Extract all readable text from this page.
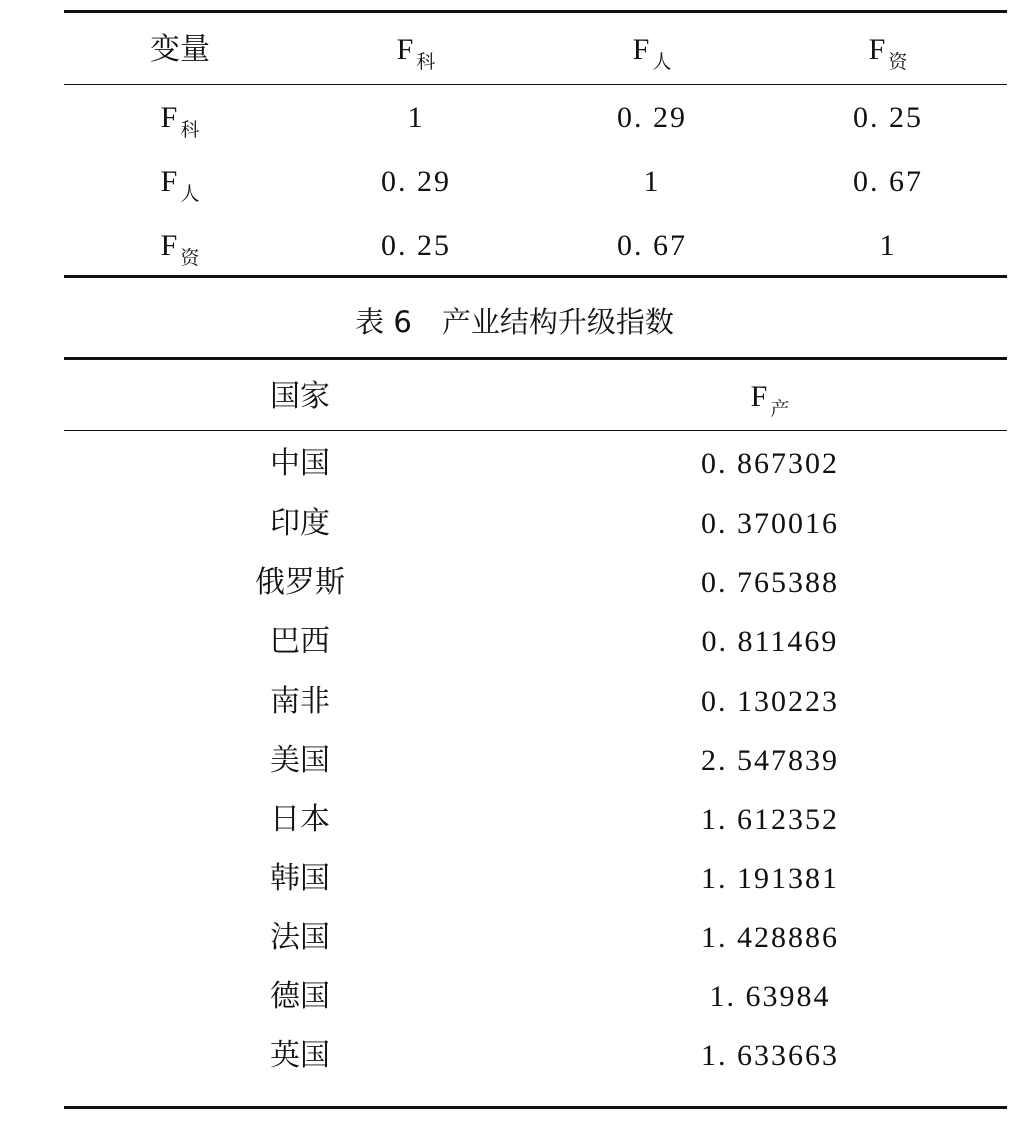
变量	F $_科$	F $_人$	F $_资$
F $_科$	1	0. 29	0. 25
F $_人$	0. 29	1	0. 67
F $_资$	0. 25	0. 67	1
表 6 产业结构升级指数
国家	F $_产$
中国	0. 867302
印度	0. 370016
俄罗斯	0. 765388
巴西	0. 811469
南非	0. 130223
美国	2. 547839
日本	1. 612352
韩国	1. 191381
法国	1. 428886
德国	1. 63984
英国	1. 633663
